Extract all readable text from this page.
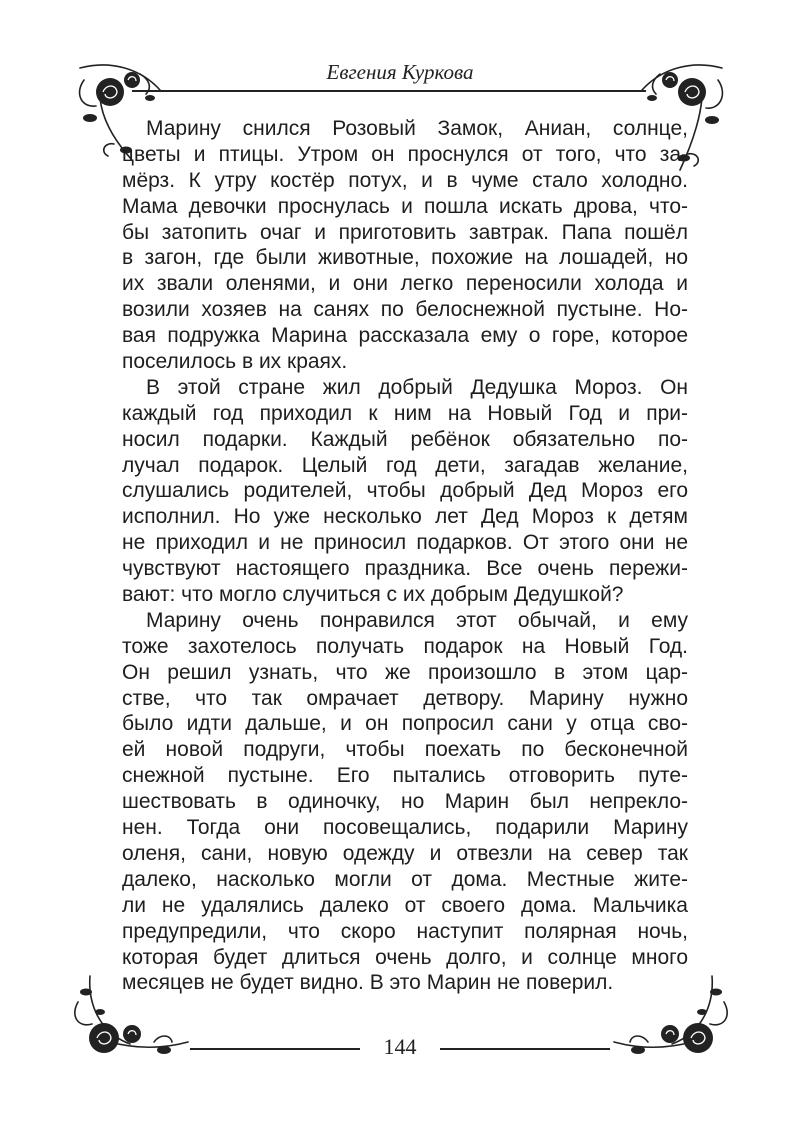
Евгения Куркова
Марину снился Розовый Замок, Аниан, солнце,
цветы и птицы. Утром он проснулся от того, что за-
мёрз. К утру костёр потух, и в чуме стало холодно.
Мама девочки проснулась и пошла искать дрова, что-
бы затопить очаг и приготовить завтрак. Папа пошёл
в загон, где были животные, похожие на лошадей, но
их звали оленями, и они легко переносили холода и
возили хозяев на санях по белоснежной пустыне. Но-
вая подружка Марина рассказала ему о горе, которое
поселилось в их краях.
В этой стране жил добрый Дедушка Мороз. Он
каждый год приходил к ним на Новый Год и при-
носил подарки. Каждый ребёнок обязательно по-
лучал подарок. Целый год дети, загадав желание,
слушались родителей, чтобы добрый Дед Мороз его
исполнил. Но уже несколько лет Дед Мороз к детям
не приходил и не приносил подарков. От этого они не
чувствуют настоящего праздника. Все очень пережи-
вают: что могло случиться с их добрым Дедушкой?
Марину очень понравился этот обычай, и ему
тоже захотелось получать подарок на Новый Год.
Он решил узнать, что же произошло в этом цар-
стве, что так омрачает детвору. Марину нужно
было идти дальше, и он попросил сани у отца сво-
ей новой подруги, чтобы поехать по бесконечной
снежной пустыне. Его пытались отговорить путе-
шествовать в одиночку, но Марин был непрекло-
нен. Тогда они посовещались, подарили Марину
оленя, сани, новую одежду и отвезли на север так
далеко, насколько могли от дома. Местные жите-
ли не удалялись далеко от своего дома. Мальчика
предупредили, что скоро наступит полярная ночь,
которая будет длиться очень долго, и солнце много
месяцев не будет видно. В это Марин не поверил.
144
